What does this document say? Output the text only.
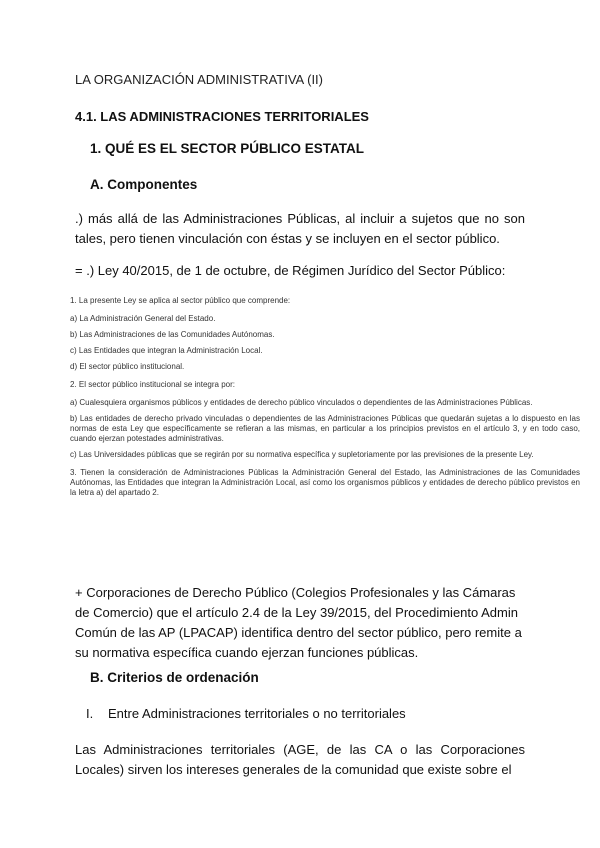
LA ORGANIZACIÓN ADMINISTRATIVA (II)
4.1. LAS ADMINISTRACIONES TERRITORIALES
1. QUÉ ES EL SECTOR PÚBLICO ESTATAL
A. Componentes
.) más allá de las Administraciones Públicas, al incluir a sujetos que no son tales, pero tienen vinculación con éstas y se incluyen en el sector público.
= .) Ley 40/2015, de 1 de octubre, de Régimen Jurídico del Sector Público:

1. La presente Ley se aplica al sector público que comprende:

a) La Administración General del Estado.

b) Las Administraciones de las Comunidades Autónomas.

c) Las Entidades que integran la Administración Local.

d) El sector público institucional.

2. El sector público institucional se integra por:

a) Cualesquiera organismos públicos y entidades de derecho público vinculados o dependientes de las Administraciones Públicas.

b) Las entidades de derecho privado vinculadas o dependientes de las Administraciones Públicas que quedarán sujetas a lo dispuesto en las normas de esta Ley que específicamente se refieran a las mismas, en particular a los principios previstos en el artículo 3, y en todo caso, cuando ejerzan potestades administrativas.

c) Las Universidades públicas que se regirán por su normativa específica y supletoriamente por las previsiones de la presente Ley.

3. Tienen la consideración de Administraciones Públicas la Administración General del Estado, las Administraciones de las Comunidades Autónomas, las Entidades que integran la Administración Local, así como los organismos públicos y entidades de derecho público previstos en la letra a) del apartado 2.

+ Corporaciones de Derecho Público (Colegios Profesionales y las Cámaras de Comercio) que el artículo 2.4 de la Ley 39/2015, del Procedimiento Admin Común de las AP (LPACAP) identifica dentro del sector público, pero remite a su normativa específica cuando ejerzan funciones públicas.
B. Criterios de ordenación
I. Entre Administraciones territoriales o no territoriales
Las Administraciones territoriales (AGE, de las CA o las Corporaciones Locales) sirven los intereses generales de la comunidad que existe sobre el
